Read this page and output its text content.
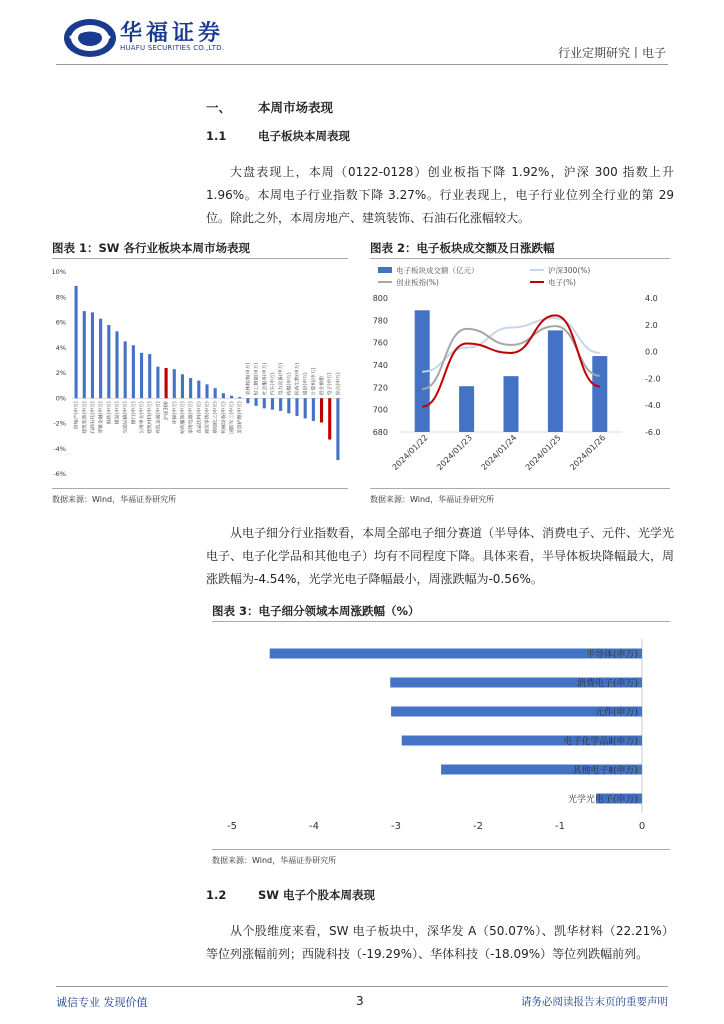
华福证券
HUAFU SECURITIES CO.,LTD.	行业定期研究丨电子
一、 本周市场表现
1.1	电子板块本周表现
大盘表现上，本周（0122-0128）创业板指下降 1.92%，沪深 300 指数上升 1.96%。本周电子行业指数下降 3.27%。行业表现上，电子行业位列全行业的第 29 位。除此之外，本周房地产、建筑装饰、石油石化涨幅较大。
图表 1：SW 各行业板块本周市场表现
10%
8%
6%
4%
2%
0%
-2%
-4%
-6%
房地产(申万) 建筑装饰(申万) 石油石化(申万) 非银金融(申万) 钢铁(申万) 煤炭(申万) 交通运输(申万) 银行(申万) 公用事业(申万) 建筑材料(申万) 有色金属(申万) 沪深300 环保(申万) 纺织服饰(申万) 家用电器(申万) 食品饮料(申万) 商贸零售(申万) 基础化工(申万) 机械设备(申万) 国防军工(申万) 美容护理(申万)
农林牧渔(申万) 轻工制造(申万) 社会服务(申万) 汽车(申万) 电力设备(申万) 传媒(申万) 医药生物(申万) 通信(申万) 计算机(申万) 创业板指 电子(申万) 综合(申万)
数据来源：Wind，华福证券研究所
图表 2：电子板块成交额及日涨跌幅
电子板块成交额（亿元）	沪深300(%)
创业板指(%)	电子(%)
800
780
760
740
720
700
680
4.0
2.0
0.0
-2.0
-4.0
-6.0
2024/01/22 2024/01/23 2024/01/24 2024/01/25 2024/01/26
数据来源：Wind，华福证券研究所
从电子细分行业指数看，本周全部电子细分赛道（半导体、消费电子、元件、光学光电子、电子化学品和其他电子）均有不同程度下降。具体来看，半导体板块降幅最大，周涨跌幅为-4.54%，光学光电子降幅最小，周涨跌幅为-0.56%。
图表 3：电子细分领域本周涨跌幅（%）
半导体(申万)
消费电子(申万)
元件(申万)
电子化学品Ⅱ(申万)
其他电子Ⅱ(申万)
光学光电子(申万)
-5	-4	-3	-2	-1	0
数据来源：Wind，华福证券研究所
1.2	SW 电子个股本周表现
从个股维度来看，SW 电子板块中，深华发 A（50.07%）、凯华材料（22.21%）等位列涨幅前列；西陇科技（-19.29%）、华体科技（-18.09%）等位列跌幅前列。
诚信专业 发现价值	3	请务必阅读报告末页的重要声明
